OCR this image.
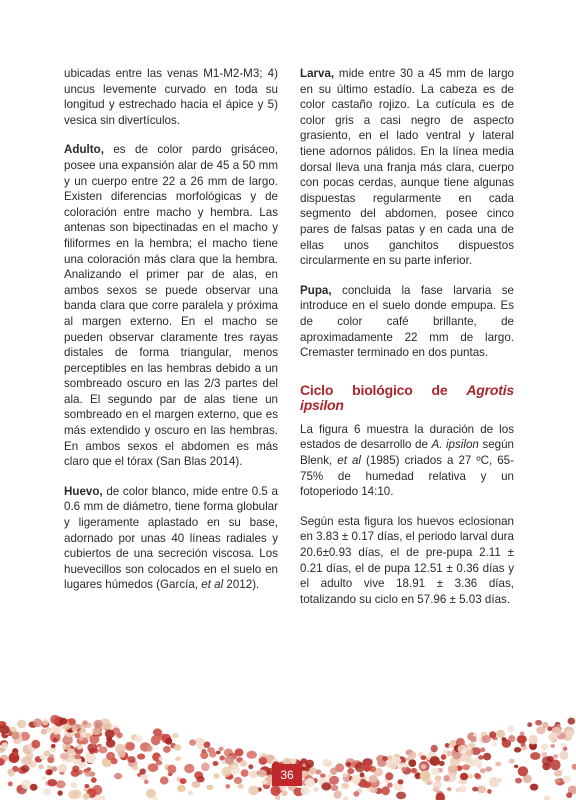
ubicadas entre las venas M1-M2-M3; 4) uncus levemente curvado en toda su longitud y estrechado hacia el ápice y 5) vesica sin divertículos.

Adulto, es de color pardo grisáceo, posee una expansión alar de 45 a 50 mm y un cuerpo entre 22 a 26 mm de largo. Existen diferencias morfológicas y de coloración entre macho y hembra. Las antenas son bipectinadas en el macho y filiformes en la hembra; el macho tiene una coloración más clara que la hembra. Analizando el primer par de alas, en ambos sexos se puede observar una banda clara que corre paralela y próxima al margen externo. En el macho se pueden observar claramente tres rayas distales de forma triangular, menos perceptibles en las hembras debido a un sombreado oscuro en las 2/3 partes del ala. El segundo par de alas tiene un sombreado en el margen externo, que es más extendido y oscuro en las hembras. En ambos sexos el abdomen es más claro que el tórax (San Blas 2014).

Huevo, de color blanco, mide entre 0.5 a 0.6 mm de diámetro, tiene forma globular y ligeramente aplastado en su base, adornado por unas 40 líneas radiales y cubiertos de una secreción viscosa. Los huevecillos son colocados en el suelo en lugares húmedos (García, et al 2012).

Larva, mide entre 30 a 45 mm de largo en su último estadío. La cabeza es de color castaño rojizo. La cutícula es de color gris a casi negro de aspecto grasiento, en el lado ventral y lateral tiene adornos pálidos. En la línea media dorsal lleva una franja más clara, cuerpo con pocas cerdas, aunque tiene algunas dispuestas regularmente en cada segmento del abdomen, posee cinco pares de falsas patas y en cada una de ellas unos ganchitos dispuestos circularmente en su parte inferior.

Pupa, concluida la fase larvaria se introduce en el suelo donde empupa. Es de color café brillante, de aproximadamente 22 mm de largo. Cremaster terminado en dos puntas.

Ciclo biológico de Agrotis ipsilon

La figura 6 muestra la duración de los estados de desarrollo de A. ipsilon según Blenk, et al (1985) criados a 27 ºC, 65-75% de humedad relativa y un fotoperiodo 14:10.

Según esta figura los huevos eclosionan en 3.83 ± 0.17 días, el periodo larval dura 20.6±0.93 días, el de pre-pupa 2.11 ± 0.21 días, el de pupa 12.51 ± 0.36 días y el adulto vive 18.91 ± 3.36 días, totalizando su ciclo en 57.96 ± 5.03 días.

36
